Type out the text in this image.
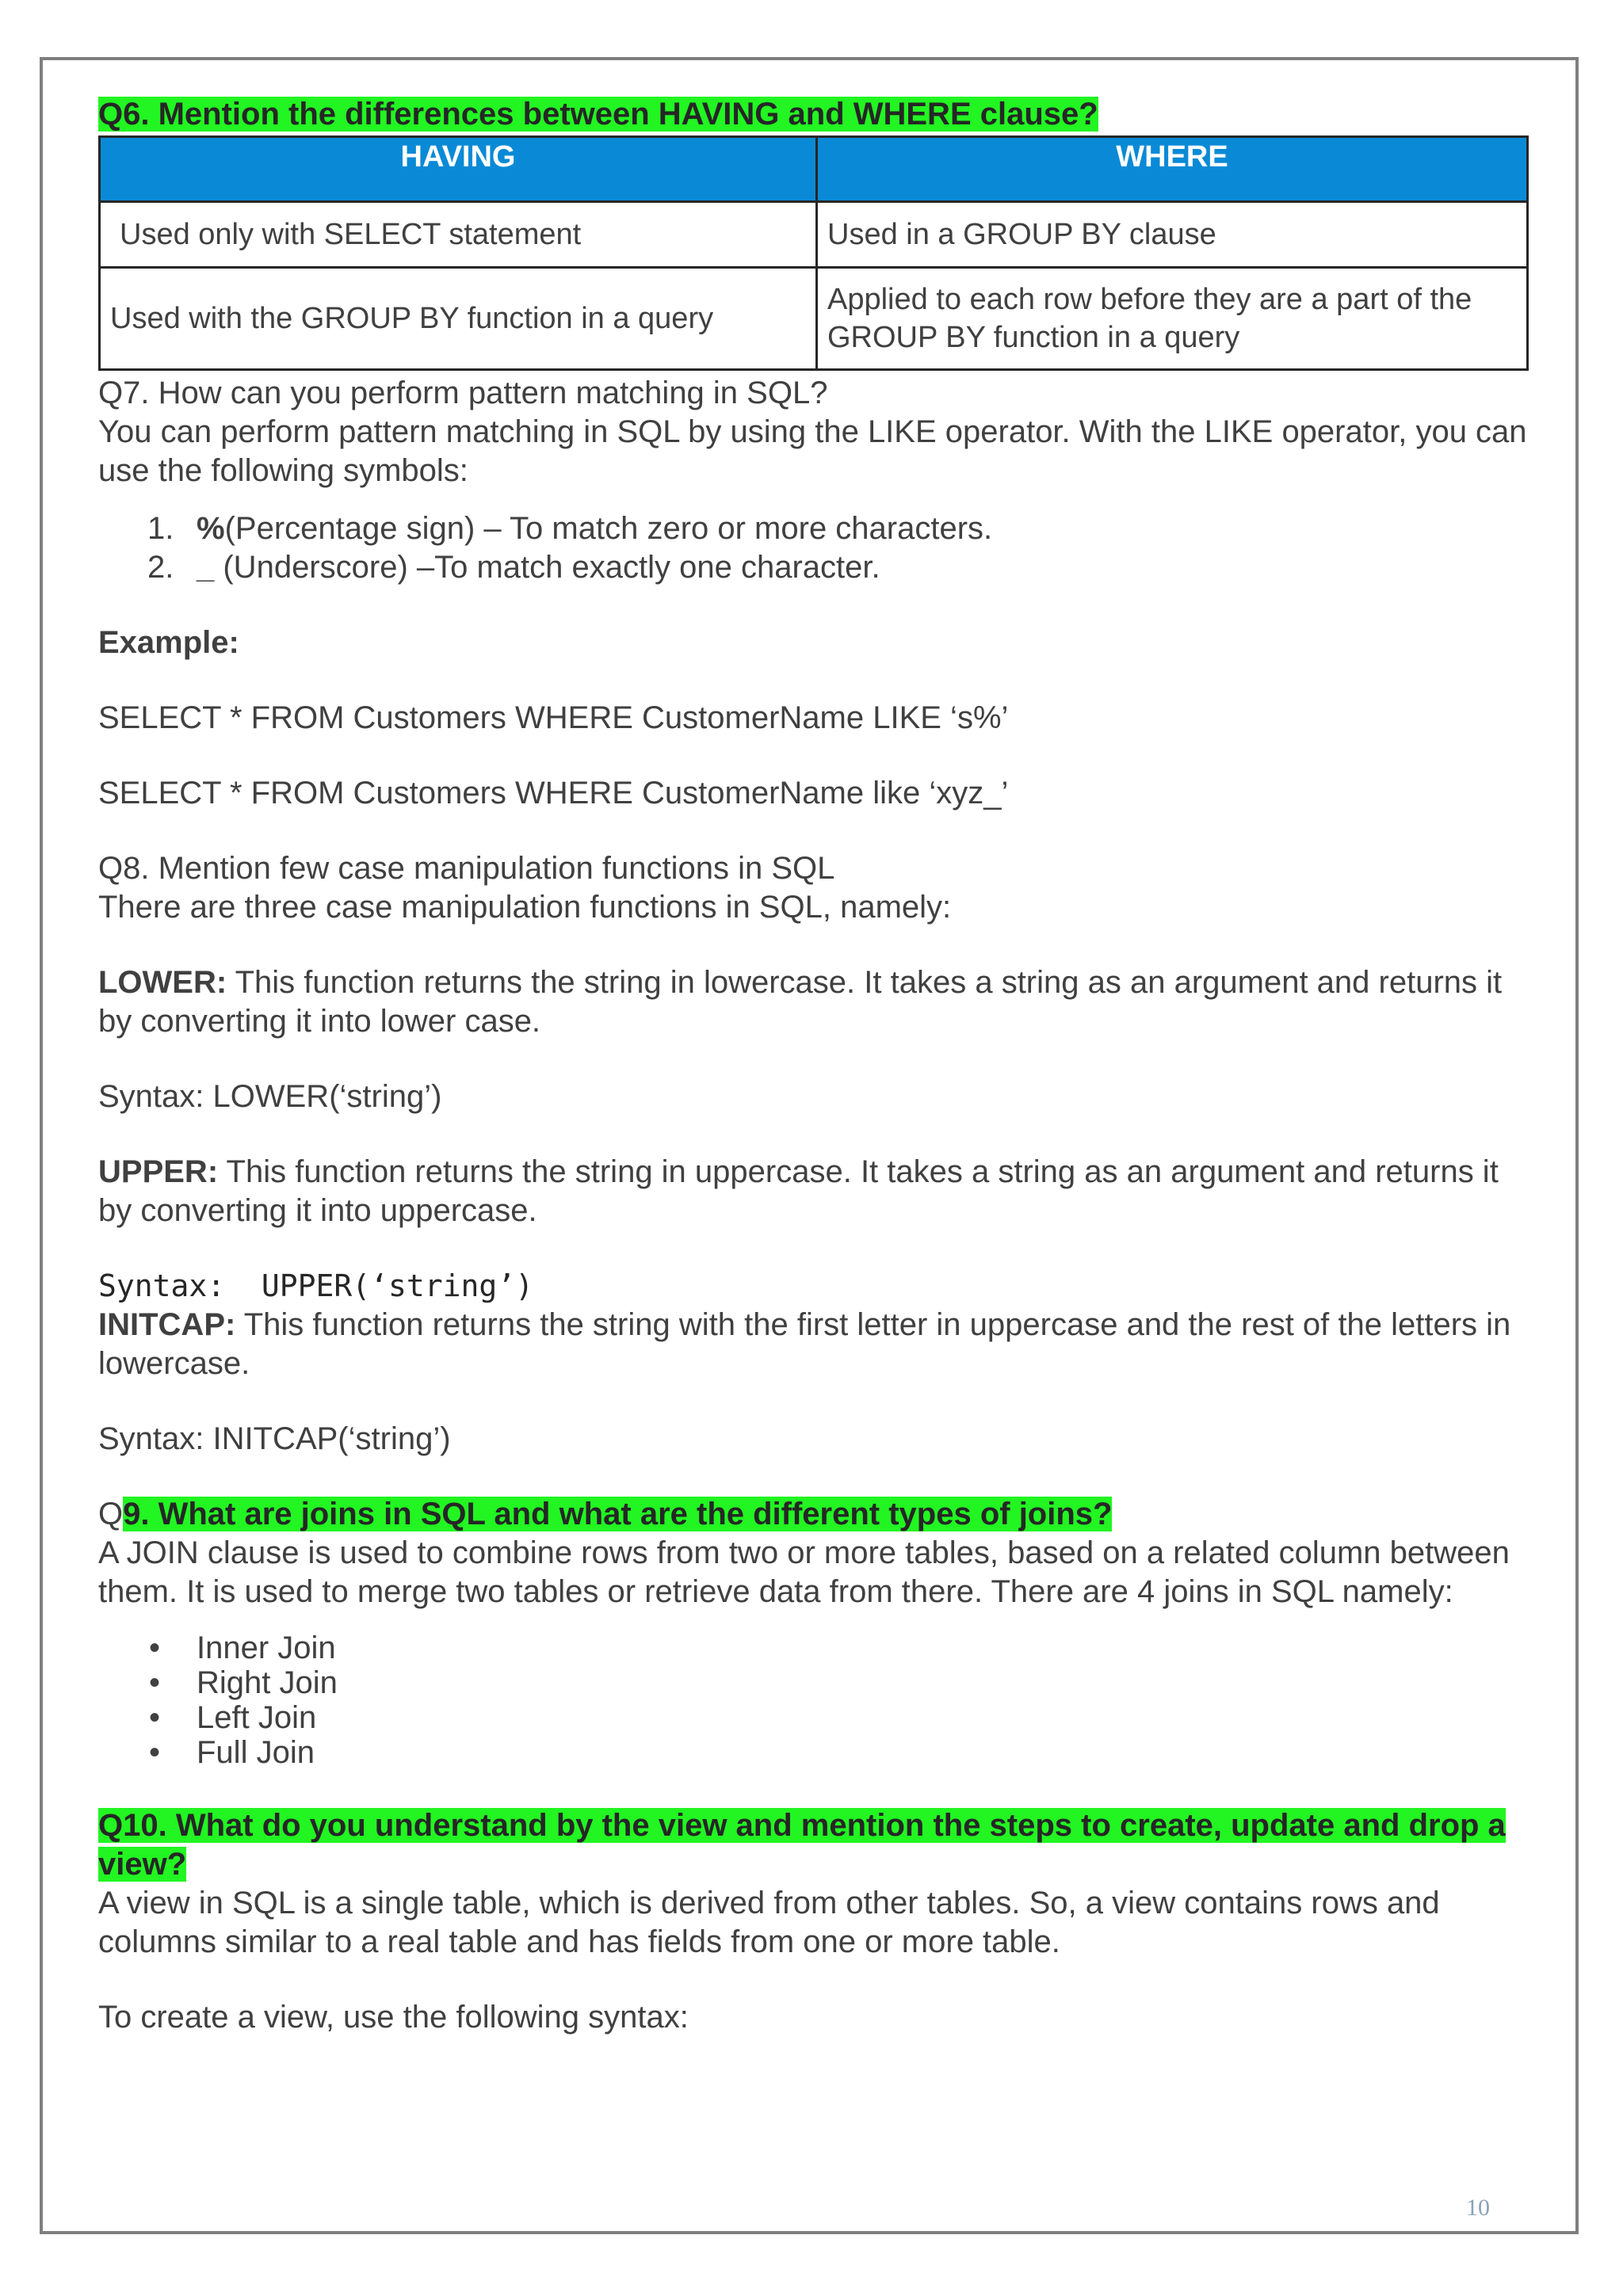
Q6. Mention the differences between HAVING and WHERE clause?

HAVING	WHERE
Used only with SELECT statement	Used in a GROUP BY clause
Used with the GROUP BY function in a query	Applied to each row before they are a part of the GROUP BY function in a query

Q7. How can you perform pattern matching in SQL?

You can perform pattern matching in SQL by using the LIKE operator. With the LIKE operator, you can use the following symbols:

1. %(Percentage sign) – To match zero or more characters.
2. _ (Underscore) –To match exactly one character.

Example:

SELECT * FROM Customers WHERE CustomerName LIKE ‘s%’

SELECT * FROM Customers WHERE CustomerName like ‘xyz_’

Q8. Mention few case manipulation functions in SQL

There are three case manipulation functions in SQL, namely:

LOWER: This function returns the string in lowercase. It takes a string as an argument and returns it by converting it into lower case.

Syntax: LOWER(‘string’)

UPPER: This function returns the string in uppercase. It takes a string as an argument and returns it by converting it into uppercase.

Syntax:  UPPER(‘string’)

INITCAP: This function returns the string with the first letter in uppercase and the rest of the letters in lowercase.

Syntax: INITCAP(‘string’)

Q9. What are joins in SQL and what are the different types of joins?

A JOIN clause is used to combine rows from two or more tables, based on a related column between them. It is used to merge two tables or retrieve data from there. There are 4 joins in SQL namely:

• Inner Join
• Right Join
• Left Join
• Full Join

Q10. What do you understand by the view and mention the steps to create, update and drop a view?

A view in SQL is a single table, which is derived from other tables. So, a view contains rows and columns similar to a real table and has fields from one or more table.

To create a view, use the following syntax:

10
